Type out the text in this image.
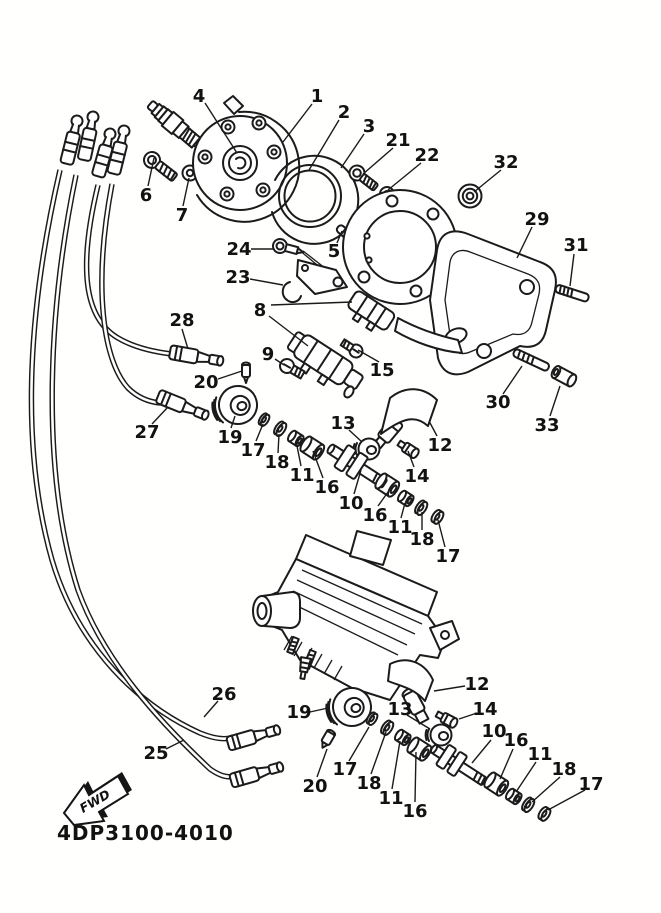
FWD
4DP3100-4010
1
2
3
4
5
6
7
21
22	32
29
31
24
23
8
9
15
28
27
20
19
17
18
11
16
13
12
14
10
16
11
18
17
30
33
26
25
19
20
17
18
11
16
12
13	14
10
16
11
18
17
